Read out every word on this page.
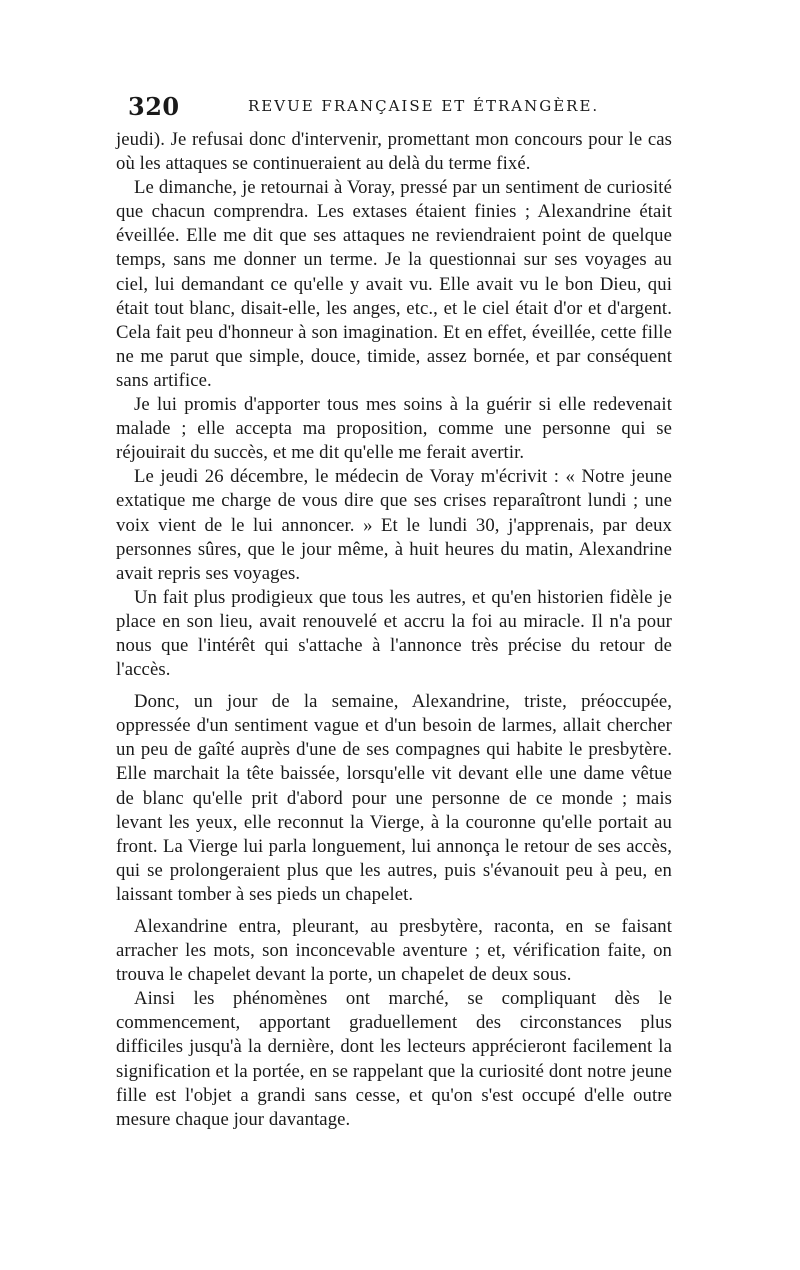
320	REVUE FRANÇAISE ET ÉTRANGÈRE.

jeudi). Je refusai donc d'intervenir, promettant mon concours pour le cas où les attaques se continueraient au delà du terme fixé.

Le dimanche, je retournai à Voray, pressé par un sentiment de curiosité que chacun comprendra. Les extases étaient finies ; Alexandrine était éveillée. Elle me dit que ses attaques ne reviendraient point de quelque temps, sans me donner un terme. Je la questionnai sur ses voyages au ciel, lui demandant ce qu'elle y avait vu. Elle avait vu le bon Dieu, qui était tout blanc, disait-elle, les anges, etc., et le ciel était d'or et d'argent. Cela fait peu d'honneur à son imagination. Et en effet, éveillée, cette fille ne me parut que simple, douce, timide, assez bornée, et par conséquent sans artifice.

Je lui promis d'apporter tous mes soins à la guérir si elle redevenait malade ; elle accepta ma proposition, comme une personne qui se réjouirait du succès, et me dit qu'elle me ferait avertir.

Le jeudi 26 décembre, le médecin de Voray m'écrivit : « Notre jeune extatique me charge de vous dire que ses crises reparaîtront lundi ; une voix vient de le lui annoncer. » Et le lundi 30, j'apprenais, par deux personnes sûres, que le jour même, à huit heures du matin, Alexandrine avait repris ses voyages.

Un fait plus prodigieux que tous les autres, et qu'en historien fidèle je place en son lieu, avait renouvelé et accru la foi au miracle. Il n'a pour nous que l'intérêt qui s'attache à l'annonce très précise du retour de l'accès.

Donc, un jour de la semaine, Alexandrine, triste, préoccupée, oppressée d'un sentiment vague et d'un besoin de larmes, allait chercher un peu de gaîté auprès d'une de ses compagnes qui habite le presbytère. Elle marchait la tête baissée, lorsqu'elle vit devant elle une dame vêtue de blanc qu'elle prit d'abord pour une personne de ce monde ; mais levant les yeux, elle reconnut la Vierge, à la couronne qu'elle portait au front. La Vierge lui parla longuement, lui annonça le retour de ses accès, qui se prolongeraient plus que les autres, puis s'évanouit peu à peu, en laissant tomber à ses pieds un chapelet.

Alexandrine entra, pleurant, au presbytère, raconta, en se faisant arracher les mots, son inconcevable aventure ; et, vérification faite, on trouva le chapelet devant la porte, un chapelet de deux sous.

Ainsi les phénomènes ont marché, se compliquant dès le commencement, apportant graduellement des circonstances plus difficiles jusqu'à la dernière, dont les lecteurs apprécieront facilement la signification et la portée, en se rappelant que la curiosité dont notre jeune fille est l'objet a grandi sans cesse, et qu'on s'est occupé d'elle outre mesure chaque jour davantage.
